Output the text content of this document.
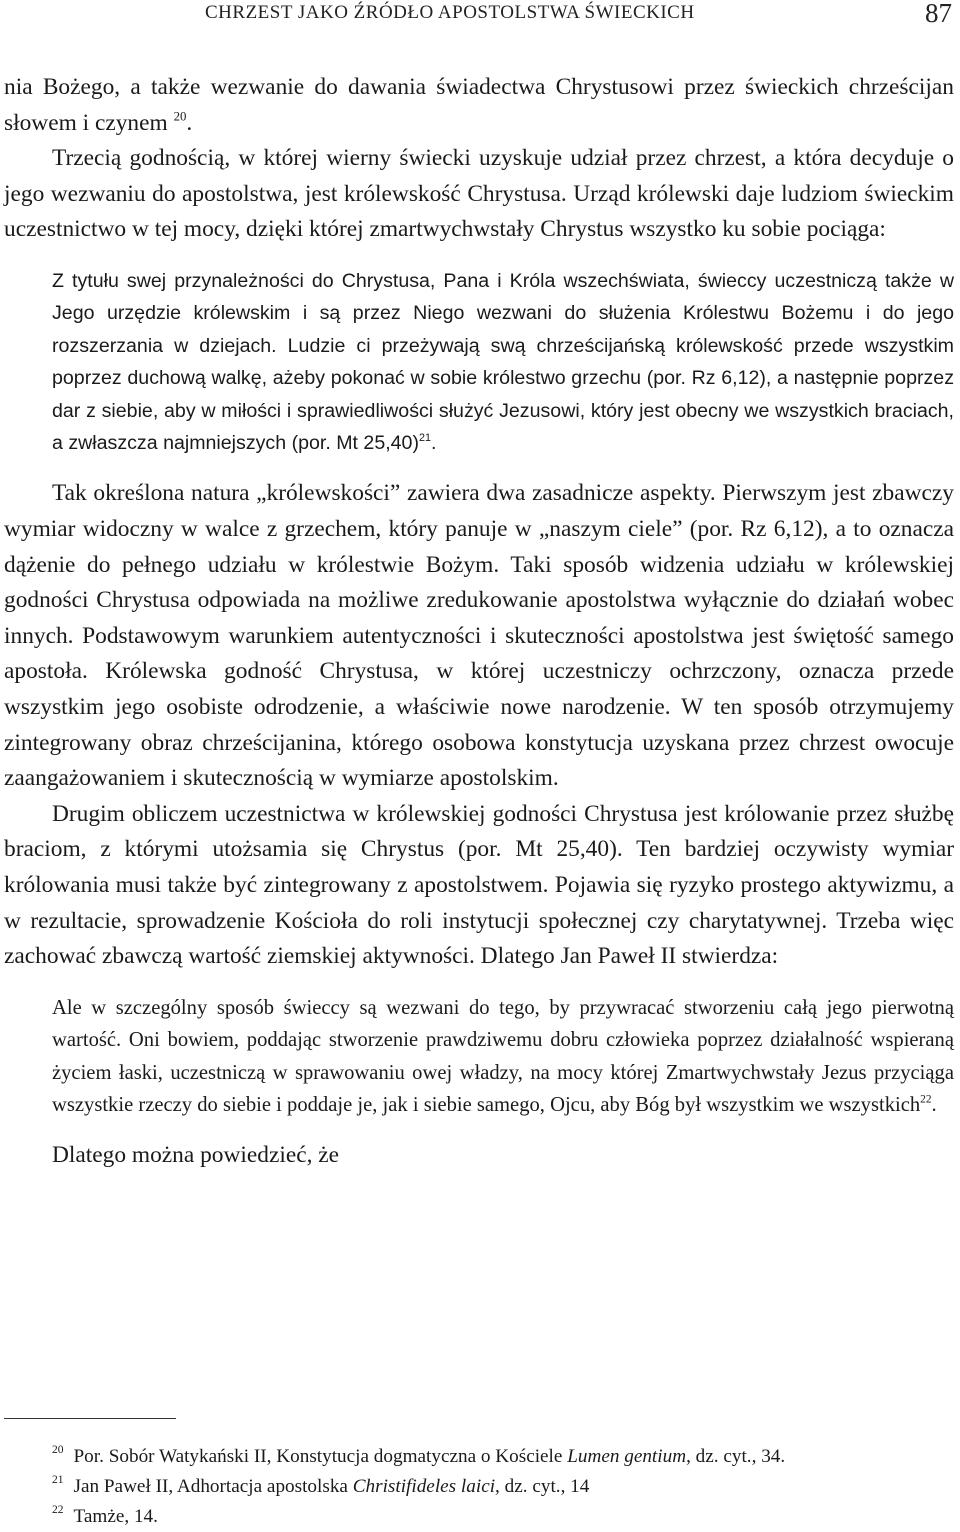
CHRZEST JAKO ŹRÓDŁO APOSTOLSTWA ŚWIECKICH	87

nia Bożego, a także wezwanie do dawania świadectwa Chrystusowi przez świeckich chrześcijan słowem i czynem $^{20}$.

Trzecią godnością, w której wierny świecki uzyskuje udział przez chrzest, a która decyduje o jego wezwaniu do apostolstwa, jest królewskość Chrystusa. Urząd królewski daje ludziom świeckim uczestnictwo w tej mocy, dzięki której zmartwychwstały Chrystus wszystko ku sobie pociąga:

Z tytułu swej przynależności do Chrystusa, Pana i Króla wszechświata, świeccy uczestniczą także w Jego urzędzie królewskim i są przez Niego wezwani do służenia Królestwu Bożemu i do jego rozszerzania w dziejach. Ludzie ci przeżywają swą chrześcijańską królewskość przede wszystkim poprzez duchową walkę, ażeby pokonać w sobie królestwo grzechu (por. Rz 6,12), a następnie poprzez dar z siebie, aby w miłości i sprawiedliwości służyć Jezusowi, który jest obecny we wszystkich braciach, a zwłaszcza najmniejszych (por. Mt 25,40)$^{21}$.

Tak określona natura „królewskości” zawiera dwa zasadnicze aspekty. Pierwszym jest zbawczy wymiar widoczny w walce z grzechem, który panuje w „naszym ciele” (por. Rz 6,12), a to oznacza dążenie do pełnego udziału w królestwie Bożym. Taki sposób widzenia udziału w królewskiej godności Chrystusa odpowiada na możliwe zredukowanie apostolstwa wyłącznie do działań wobec innych. Podstawowym warunkiem autentyczności i skuteczności apostolstwa jest świętość samego apostoła. Królewska godność Chrystusa, w której uczestniczy ochrzczony, oznacza przede wszystkim jego osobiste odrodzenie, a właściwie nowe narodzenie. W ten sposób otrzymujemy zintegrowany obraz chrześcijanina, którego osobowa konstytucja uzyskana przez chrzest owocuje zaangażowaniem i skutecznością w wymiarze apostolskim.

Drugim obliczem uczestnictwa w królewskiej godności Chrystusa jest królowanie przez służbę braciom, z którymi utożsamia się Chrystus (por. Mt 25,40). Ten bardziej oczywisty wymiar królowania musi także być zintegrowany z apostolstwem. Pojawia się ryzyko prostego aktywizmu, a w rezultacie, sprowadzenie Kościoła do roli instytucji społecznej czy charytatywnej. Trzeba więc zachować zbawczą wartość ziemskiej aktywności. Dlatego Jan Paweł II stwierdza:

Ale w szczególny sposób świeccy są wezwani do tego, by przywracać stworzeniu całą jego pierwotną wartość. Oni bowiem, poddając stworzenie prawdziwemu dobru człowieka poprzez działalność wspieraną życiem łaski, uczestniczą w sprawowaniu owej władzy, na mocy której Zmartwychwstały Jezus przyciąga wszystkie rzeczy do siebie i poddaje je, jak i siebie samego, Ojcu, aby Bóg był wszystkim we wszystkich$^{22}$.

Dlatego można powiedzieć, że

$^{20}$ Por. Sobór Watykański II, Konstytucja dogmatyczna o Kościele Lumen gentium, dz. cyt., 34.

$^{21}$ Jan Paweł II, Adhortacja apostolska Christifideles laici, dz. cyt., 14

$^{22}$ Tamże, 14.
